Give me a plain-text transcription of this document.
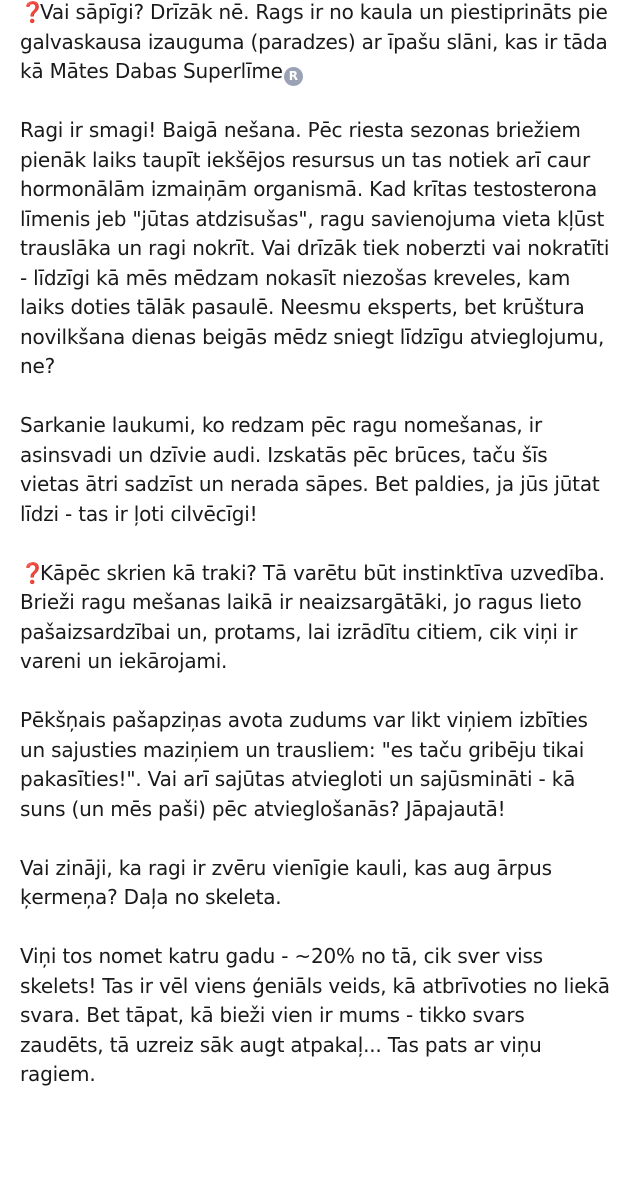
❓Vai sāpīgi? Drīzāk nē. Rags ir no kaula un piestiprināts pie galvaskausa izauguma (paradzes) ar īpašu slāni, kas ir tāda kā Mātes Dabas Superlīme R

Ragi ir smagi! Baigā nešana. Pēc riesta sezonas briežiem pienāk laiks taupīt iekšējos resursus un tas notiek arī caur hormonālām izmaiņām organismā. Kad krītas testosterona līmenis jeb "jūtas atdzisušas", ragu savienojuma vieta kļūst trauslāka un ragi nokrīt. Vai drīzāk tiek noberzti vai nokratīti - līdzīgi kā mēs mēdzam nokasīt niezošas kreveles, kam laiks doties tālāk pasaulē. Neesmu eksperts, bet krūšturа novilkšana dienas beigās mēdz sniegt līdzīgu atvieglojumu, ne?

Sarkanie laukumi, ko redzam pēc ragu nomešanas, ir asinsvadi un dzīvie audi. Izskatās pēc brūces, taču šīs vietas ātri sadzīst un nerada sāpes. Bet paldies, ja jūs jūtat līdzi - tas ir ļoti cilvēcīgi!

❓Kāpēc skrien kā traki? Tā varētu būt instinktīva uzvedība. Brieži ragu mešanas laikā ir neaizsargātāki, jo ragus lieto pašaizsardzībai un, protams, lai izrādītu citiem, cik viņi ir vareni un iekārojami.

Pēkšņais pašapziņas avota zudums var likt viņiem izbīties un sajusties maziņiem un trausliem: "es taču gribēju tikai pakasīties!". Vai arī sajūtas atviegloti un sajūsmināti - kā suns (un mēs paši) pēc atvieglošanās? Jāpajautā!

Vai zināji, ka ragi ir zvēru vienīgie kauli, kas aug ārpus ķermeņa? Daļa no skeleta.

Viņi tos nomet katru gadu - ~20% no tā, cik sver viss skelets! Tas ir vēl viens ģeniāls veids, kā atbrīvoties no liekā svara. Bet tāpat, kā bieži vien ir mums - tikko svars zaudēts, tā uzreiz sāk augt atpakaļ... Tas pats ar viņu ragiem.
